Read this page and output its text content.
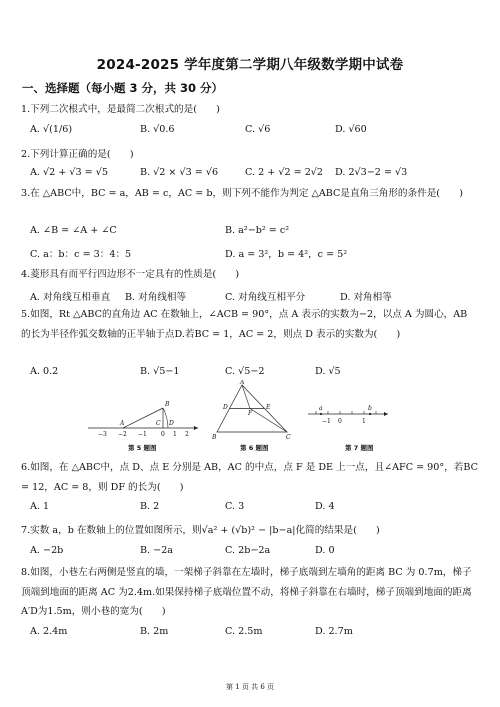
2024-2025 学年度第二学期八年级数学期中试卷
一、选择题（每小题 3 分，共 30 分）
1.下列二次根式中，是最简二次根式的是(　　)
A. √(1/6)	B. √0.6	C. √6	D. √60
2.下列计算正确的是(　　)
A. √2 + √3 = √5	B. √2 × √3 = √6	C. 2 + √2 = 2√2 D. 2√3−2 = √3
3.在 △ABC中，BC = a，AB = c，AC = b，则下列不能作为判定 △ABC是直角三角形的条件是(　　)
A. ∠B = ∠A + ∠C	B. a²−b² = c²
C. a：b：c = 3：4：5	D. a = 3²，b = 4²，c = 5²
4.菱形具有而平行四边形不一定具有的性质是(　　)
A. 对角线互相垂直 B. 对角线相等	C. 对角线互相平分	D. 对角相等
5.如图，Rt △ABC的直角边 AC 在数轴上，∠ACB = 90°，点 A 表示的实数为−2，以点 A 为圆心，AB 的长为半径作弧交数轴的正半轴于点D.若BC = 1，AC = 2，则点 D 表示的实数为(　　)
A. 0.2	B. √5−1	C. √5−2	D. √5
−3 −2 −1 0 1 2
A	C
B
D
第 5 题图
A
D	E
F
B	C
第 6 题图
a	b
−1 0	1
第 7 题图
6.如图，在 △ABC中，点 D、点 E 分别是 AB，AC 的中点，点 F 是 DE 上一点，且∠AFC = 90°，若BC = 12，AC = 8，则 DF 的长为(　　)
A. 1	B. 2	C. 3	D. 4
7.实数 a，b 在数轴上的位置如图所示，则√a² + (√b)² − |b−a|化简的结果是(　　)
A. −2b	B. −2a	C. 2b−2a	D. 0
8.如图，小巷左右两侧是竖直的墙，一架梯子斜靠在左墙时，梯子底端到左墙角的距离 BC 为 0.7m，梯子顶端到地面的距离 AC 为2.4m.如果保持梯子底端位置不动，将梯子斜靠在右墙时，梯子顶端到地面的距离A′D为1.5m，则小巷的宽为(　　)
A. 2.4m	B. 2m	C. 2.5m	D. 2.7m
第 1 页 共 6 页
